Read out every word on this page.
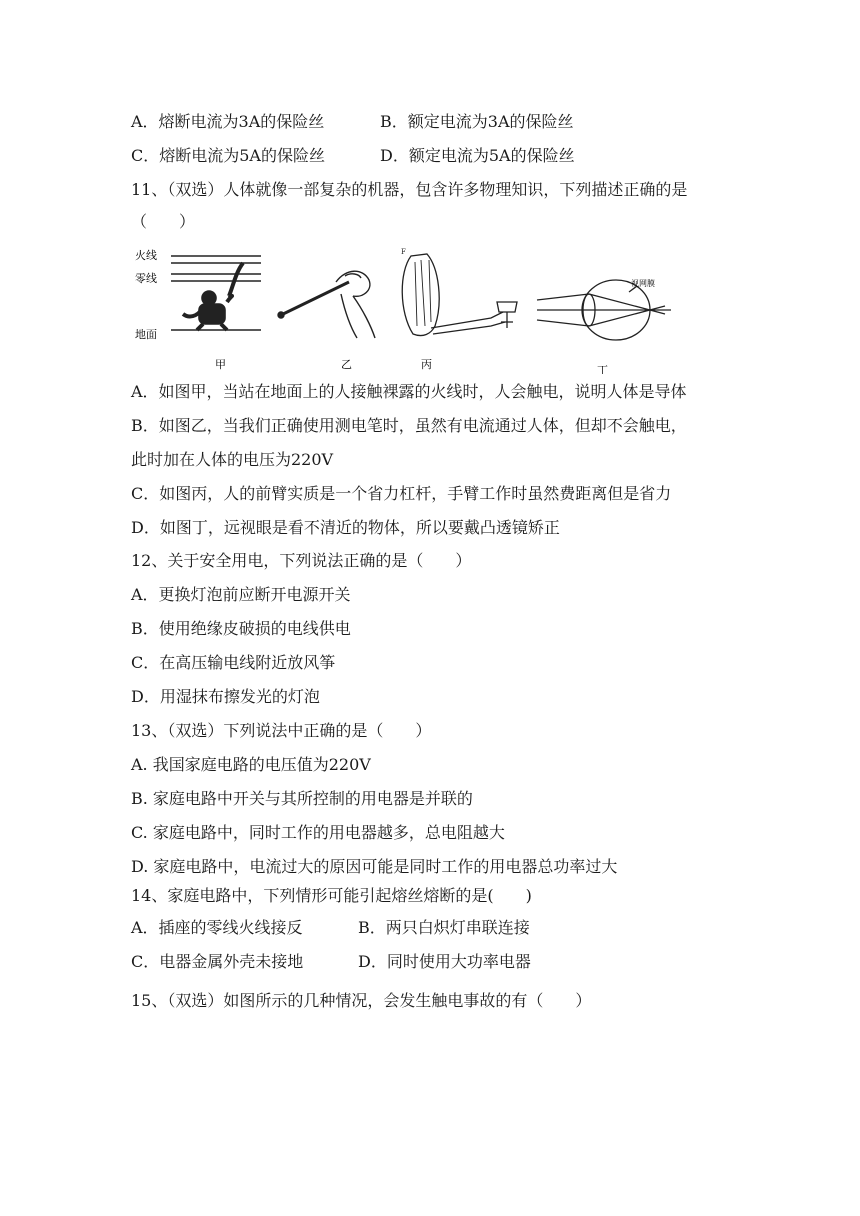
A．熔断电流为3A的保险丝	B．额定电流为3A的保险丝
C．熔断电流为5A的保险丝	D．额定电流为5A的保险丝
11、（双选）人体就像一部复杂的机器，包含许多物理知识，下列描述正确的是
（　　）
火线
零线
地面
甲	乙
F
丙
视网膜
丁
A．如图甲，当站在地面上的人接触裸露的火线时，人会触电，说明人体是导体
B．如图乙，当我们正确使用测电笔时，虽然有电流通过人体，但却不会触电，
此时加在人体的电压为220V
C．如图丙，人的前臂实质是一个省力杠杆，手臂工作时虽然费距离但是省力
D．如图丁，远视眼是看不清近的物体，所以要戴凸透镜矫正
12、关于安全用电，下列说法正确的是（　　）
A．更换灯泡前应断开电源开关
B．使用绝缘皮破损的电线供电
C．在高压输电线附近放风筝
D．用湿抹布擦发光的灯泡
13、（双选）下列说法中正确的是（　　）
A. 我国家庭电路的电压值为220V
B. 家庭电路中开关与其所控制的用电器是并联的
C. 家庭电路中，同时工作的用电器越多，总电阻越大
D. 家庭电路中，电流过大的原因可能是同时工作的用电器总功率过大
14、家庭电路中，下列情形可能引起熔丝熔断的是(　　)
A．插座的零线火线接反	B．两只白炽灯串联连接
C．电器金属外壳未接地	D．同时使用大功率电器
15、（双选）如图所示的几种情况，会发生触电事故的有（　　）
